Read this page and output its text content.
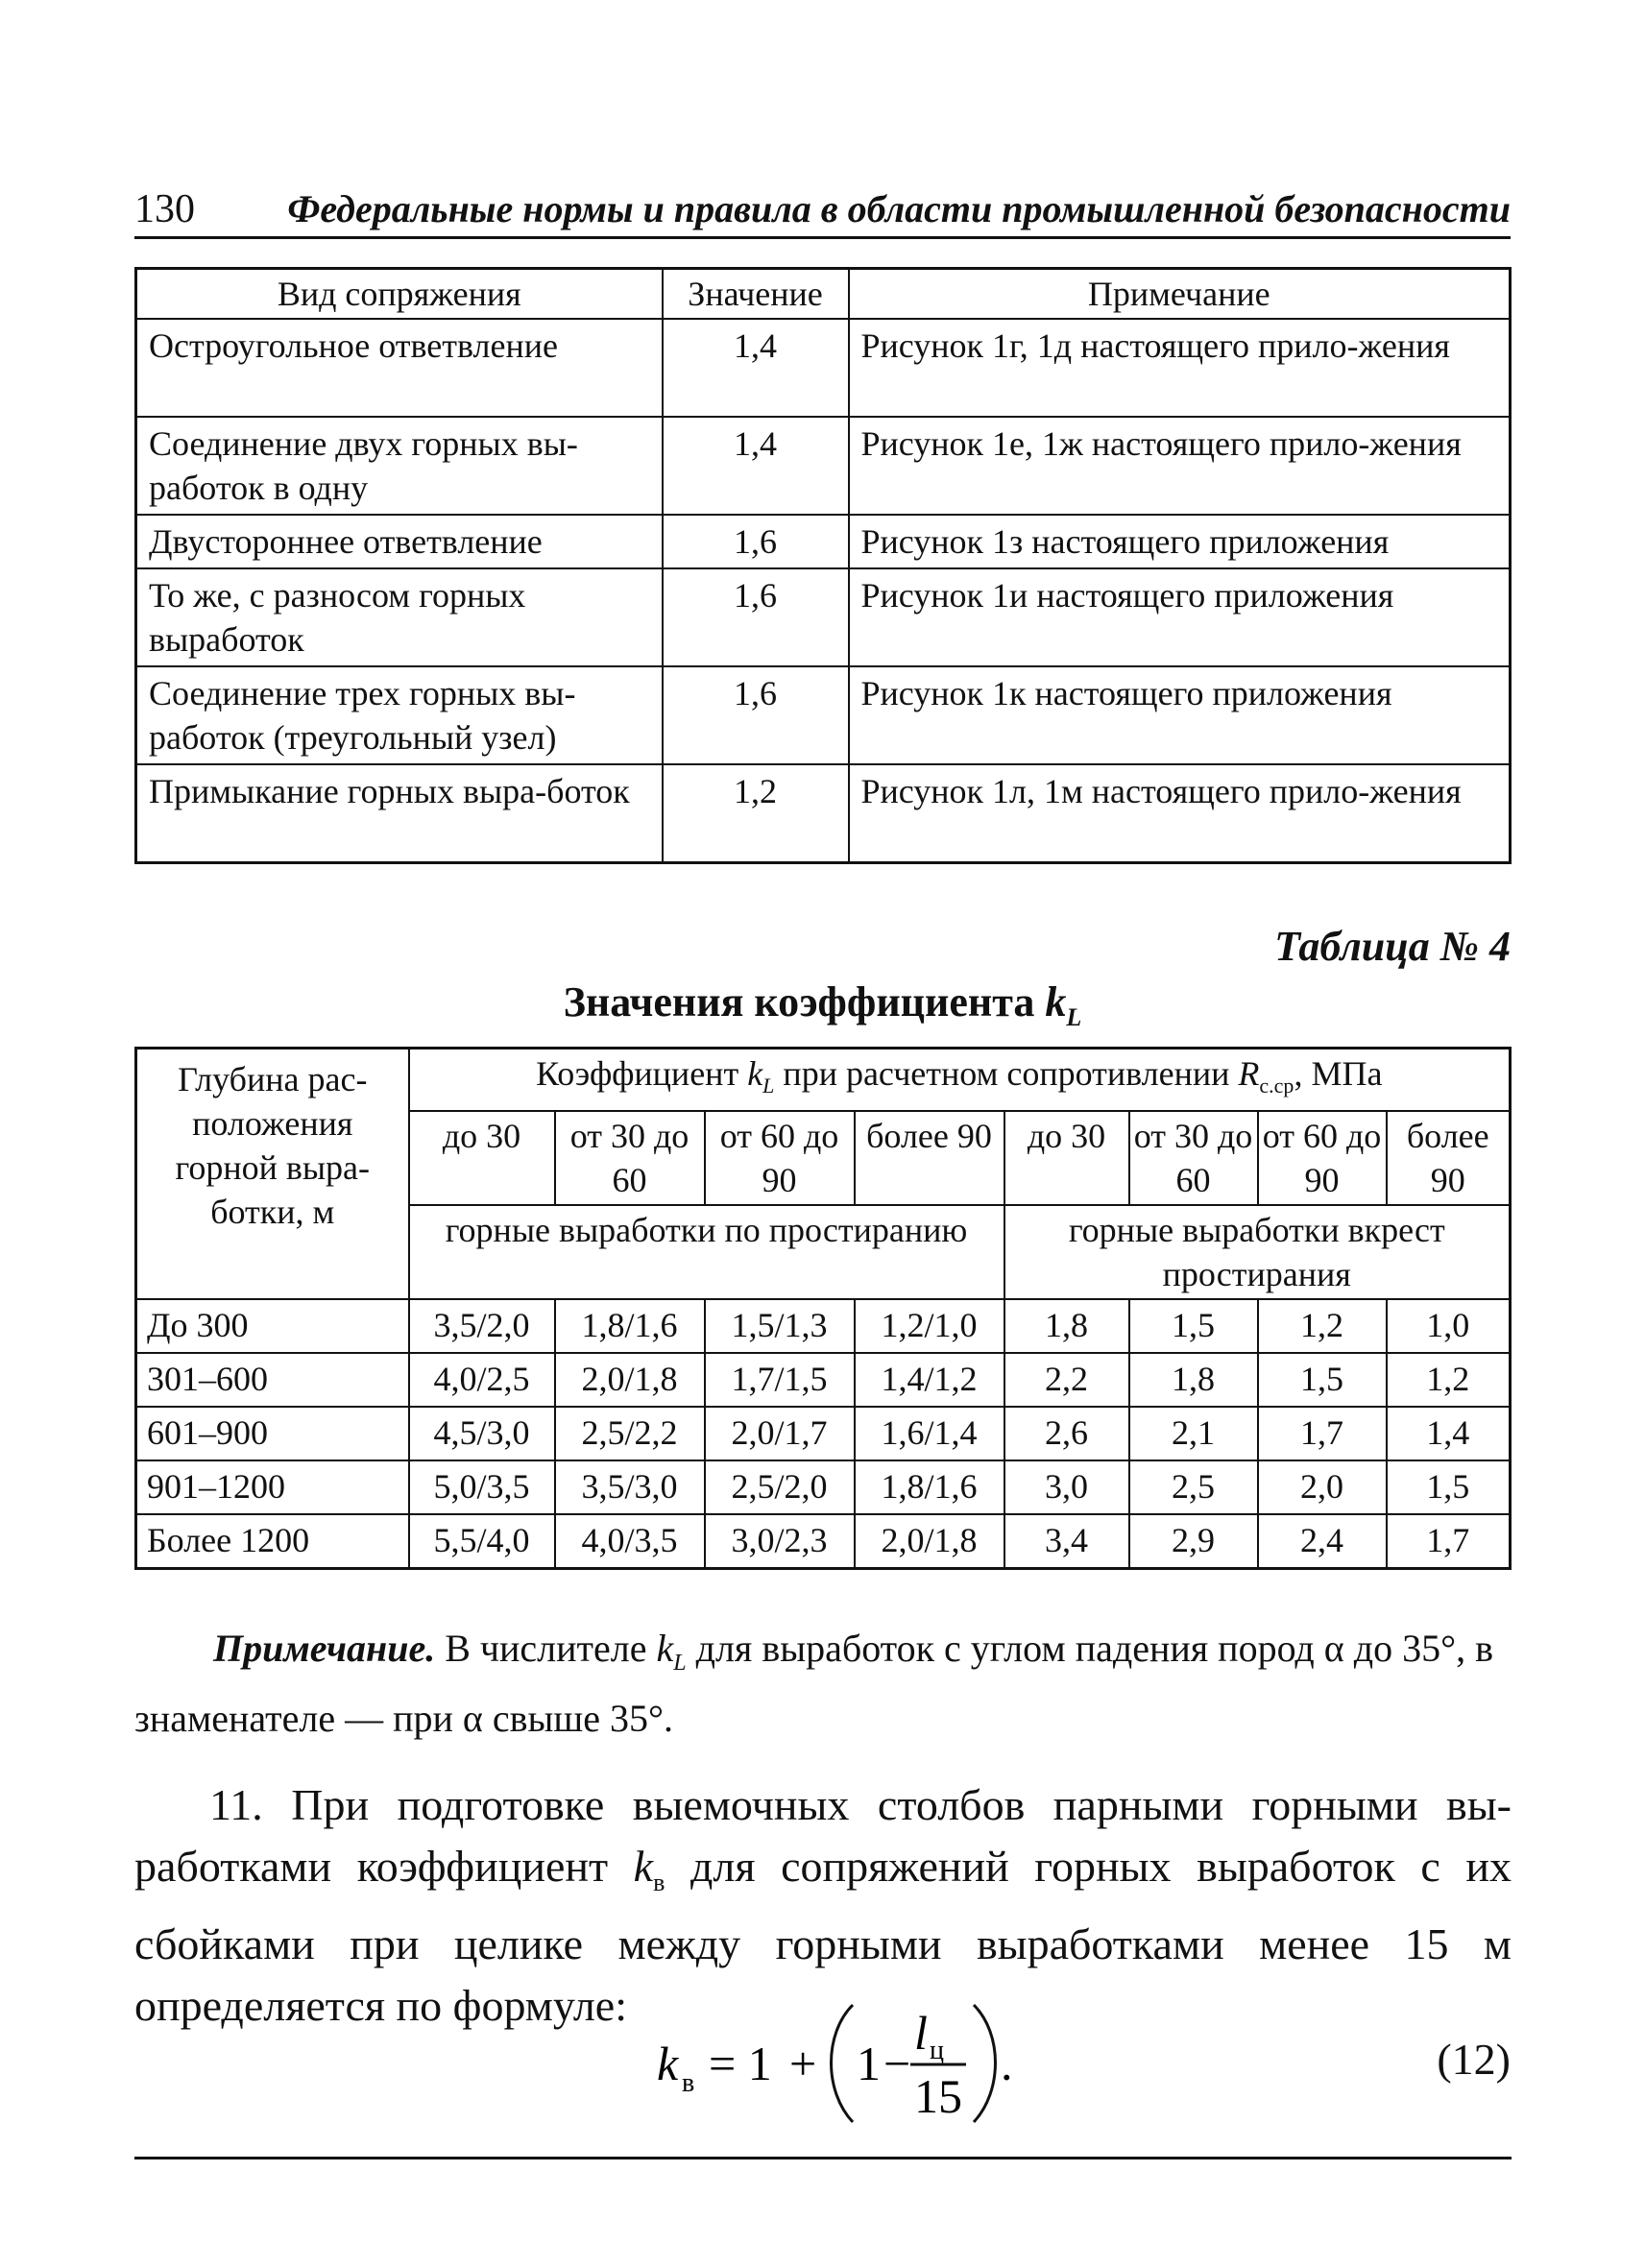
130 Федеральные нормы и правила в области промышленной безопасности
Вид сопряжения	Значение	Примечание
Остроугольное ответвление	1,4	Рисунок 1г, 1д настоящего прило-жения
Соединение двух горных вы-работок в одну	1,4	Рисунок 1е, 1ж настоящего прило-жения
Двустороннее ответвление	1,6	Рисунок 1з настоящего приложения
То же, с разносом горных выработок	1,6	Рисунок 1и настоящего приложения
Соединение трех горных вы-работок (треугольный узел)	1,6	Рисунок 1к настоящего приложения
Примыкание горных выра-боток	1,2	Рисунок 1л, 1м настоящего прило-жения
Таблица № 4
Значения коэффициента $k_L$
Глубина рас-положения горной выра-ботки, м	Коэффициент $k_L$ при расчетном сопротивлении $R_{с.ср}$, МПа							
	до 30	от 30 до 60	от 60 до 90	более 90	до 30	от 30 до 60	от 60 до 90	более 90
	горные выработки по простиранию				горные выработки вкрест простирания			
До 300	3,5/2,0	1,8/1,6	1,5/1,3	1,2/1,0	1,8	1,5	1,2	1,0
301–600	4,0/2,5	2,0/1,8	1,7/1,5	1,4/1,2	2,2	1,8	1,5	1,2
601–900	4,5/3,0	2,5/2,2	2,0/1,7	1,6/1,4	2,6	2,1	1,7	1,4
901–1200	5,0/3,5	3,5/3,0	2,5/2,0	1,8/1,6	3,0	2,5	2,0	1,5
Более 1200	5,5/4,0	4,0/3,5	3,0/2,3	2,0/1,8	3,4	2,9	2,4	1,7
Примечание. В числителе $k_L$ для выработок с углом падения пород α до 35°, в знаменателе — при α свыше 35°.
11. При подготовке выемочных столбов парными горными вы-работками коэффициент $k_в$ для сопряжений горных выработок с их сбойками при целике между горными выработками менее 15 м определяется по формуле:
k в = 1 + 1 −
l ц
15
.	(12)
